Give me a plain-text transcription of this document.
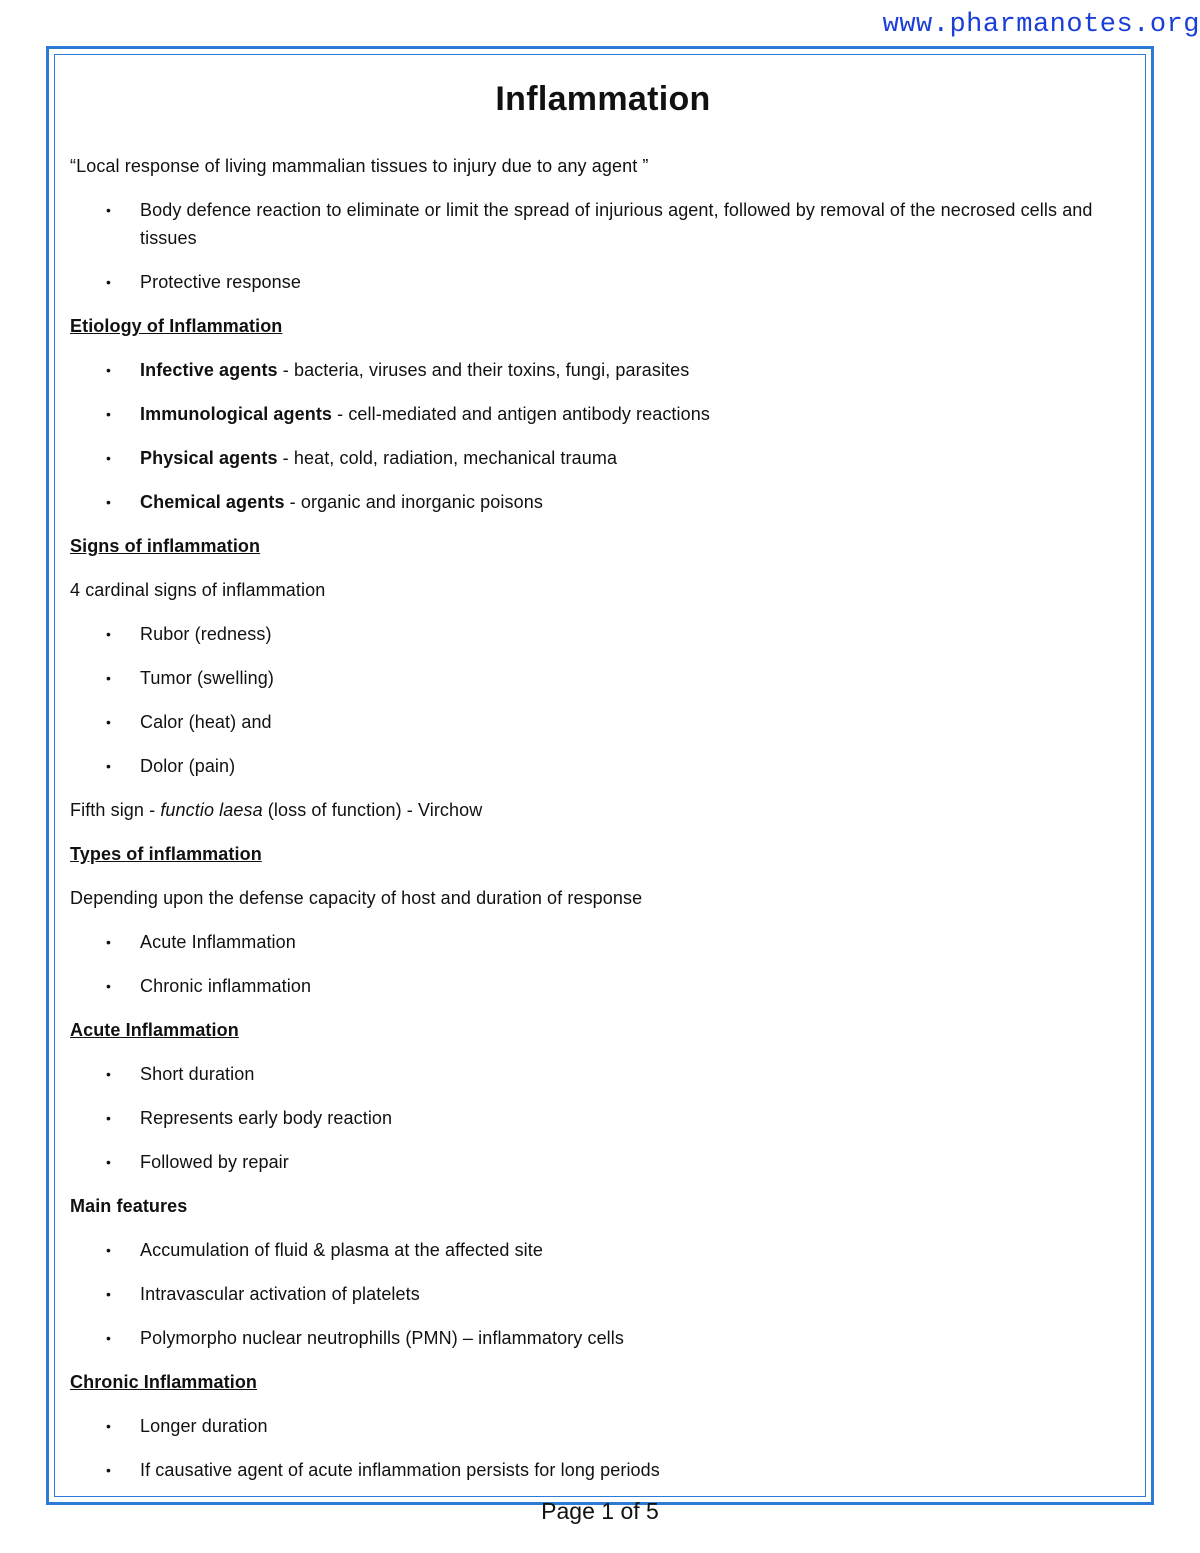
www.pharmanotes.org
Inflammation

“Local response of living mammalian tissues to injury due to any agent ”

• Body defence reaction to eliminate or limit the spread of injurious agent, followed by removal of the necrosed cells and tissues
• Protective response

Etiology of Inflammation

• Infective agents - bacteria, viruses and their toxins, fungi, parasites
• Immunological agents - cell-mediated and antigen antibody reactions
• Physical agents - heat, cold, radiation, mechanical trauma
• Chemical agents - organic and inorganic poisons

Signs of inflammation

4 cardinal signs of inflammation

• Rubor (redness)
• Tumor (swelling)
• Calor (heat) and
• Dolor (pain)

Fifth sign - functio laesa (loss of function) - Virchow

Types of inflammation

Depending upon the defense capacity of host and duration of response

• Acute Inflammation
• Chronic inflammation

Acute Inflammation

• Short duration
• Represents early body reaction
• Followed by repair

Main features

• Accumulation of fluid & plasma at the affected site
• Intravascular activation of platelets
• Polymorpho nuclear neutrophills (PMN) – inflammatory cells

Chronic Inflammation

• Longer duration
• If causative agent of acute inflammation persists for long periods
Page 1 of 5
